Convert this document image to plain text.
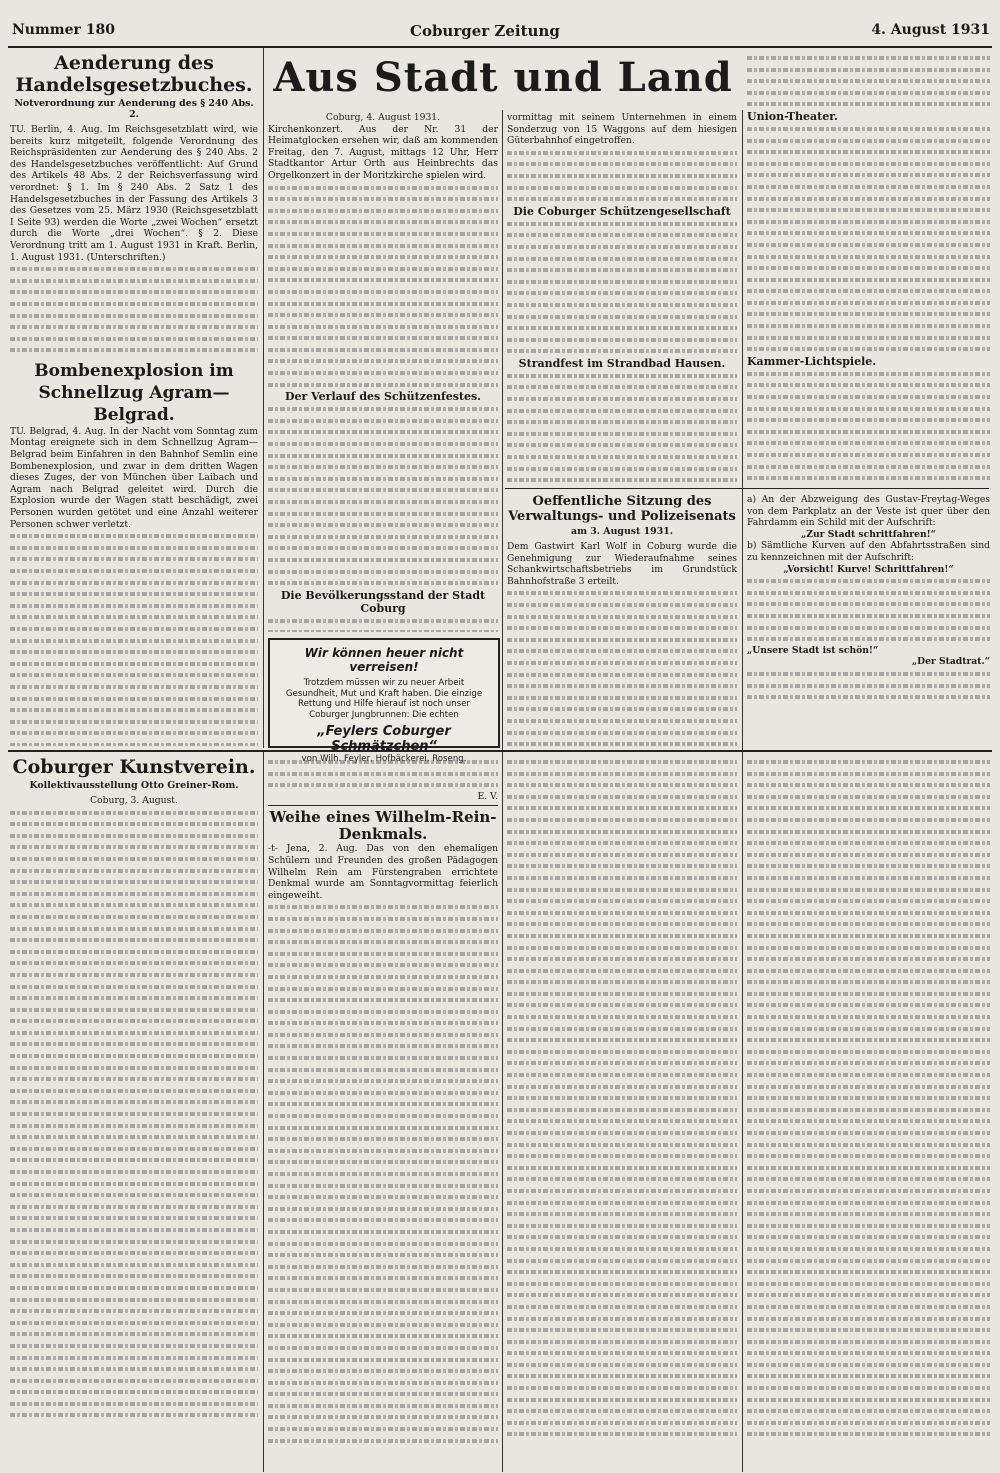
Nummer 180	Coburger Zeitung	4. August 1931
Aenderung des Handelsgesetzbuches.
Notverordnung zur Aenderung des § 240 Abs. 2.
TU. Berlin, 4. Aug. Im Reichsgesetzblatt wird, wie bereits kurz mitgeteilt, folgende Verordnung des Reichspräsidenten zur Aenderung des § 240 Abs. 2 des Handelsgesetzbuches veröffentlicht: Auf Grund des Artikels 48 Abs. 2 der Reichsverfassung wird verordnet: § 1. Im § 240 Abs. 2 Satz 1 des Handelsgesetzbuches in der Fassung des Artikels 3 des Gesetzes vom 25. März 1930 (Reichsgesetzblatt I Seite 93) werden die Worte „zwei Wochen“ ersetzt durch die Worte „drei Wochen“. § 2. Diese Verordnung tritt am 1. August 1931 in Kraft. Berlin, 1. August 1931. (Unterschriften.)
Bombenexplosion im Schnellzug Agram—Belgrad.
TU. Belgrad, 4. Aug. In der Nacht vom Sonntag zum Montag ereignete sich in dem Schnellzug Agram—Belgrad beim Einfahren in den Bahnhof Semlin eine Bombenexplosion, und zwar in dem dritten Wagen dieses Zuges, der von München über Laibach und Agram nach Belgrad geleitet wird. Durch die Explosion wurde der Wagen statt beschädigt, zwei Personen wurden getötet und eine Anzahl weiterer Personen schwer verletzt.
Aus Stadt und Land
Coburg, 4. August 1931.
Kirchenkonzert. Aus der Nr. 31 der Heimatglocken ersehen wir, daß am kommenden Freitag, den 7. August, mittags 12 Uhr, Herr Stadtkantor Artur Orth aus Heinbrechts das Orgelkonzert in der Moritzkirche spielen wird.
Der Verlauf des Schützenfestes.
Die Bevölkerungsstand der Stadt Coburg
Wir können heuer nicht verreisen!
Trotzdem müssen wir zu neuer Arbeit Gesundheit, Mut und Kraft haben. Die einzige Rettung und Hilfe hierauf ist noch unser Coburger Jungbrunnen: Die echten
„Feylers Coburger Schmätzchen“
von Wilh. Feyler, Hofbäckerei, Roseng.
vormittag mit seinem Unternehmen in einem Sonderzug von 15 Waggons auf dem hiesigen Güterbahnhof eingetroffen.
Die Coburger Schützengesellschaft
Strandfest im Strandbad Hausen.
Oeffentliche Sitzung des Verwaltungs- und Polizeisenats
am 3. August 1931.
Dem Gastwirt Karl Wolf in Coburg wurde die Genehmigung zur Wiederaufnahme seines Schankwirtschaftsbetriebs im Grundstück Bahnhofstraße 3 erteilt.
Union-Theater.
Kammer-Lichtspiele.
a) An der Abzweigung des Gustav-Freytag-Weges von dem Parkplatz an der Veste ist quer über den Fahrdamm ein Schild mit der Aufschrift:
„Zur Stadt schrittfahren!“
b) Sämtliche Kurven auf den Abfahrtsstraßen sind zu kennzeichnen mit der Aufschrift:
„Vorsicht! Kurve! Schrittfahren!“
„Unsere Stadt ist schön!“
„Der Stadtrat.“
Coburger Kunstverein.
Kollektivausstellung Otto Greiner-Rom.
Coburg, 3. August.	E. V.
Weihe eines Wilhelm-Rein-Denkmals.
-t- Jena, 2. Aug. Das von den ehemaligen Schülern und Freunden des großen Pädagogen Wilhelm Rein am Fürstengraben errichtete Denkmal wurde am Sonntagvormittag feierlich eingeweiht.
